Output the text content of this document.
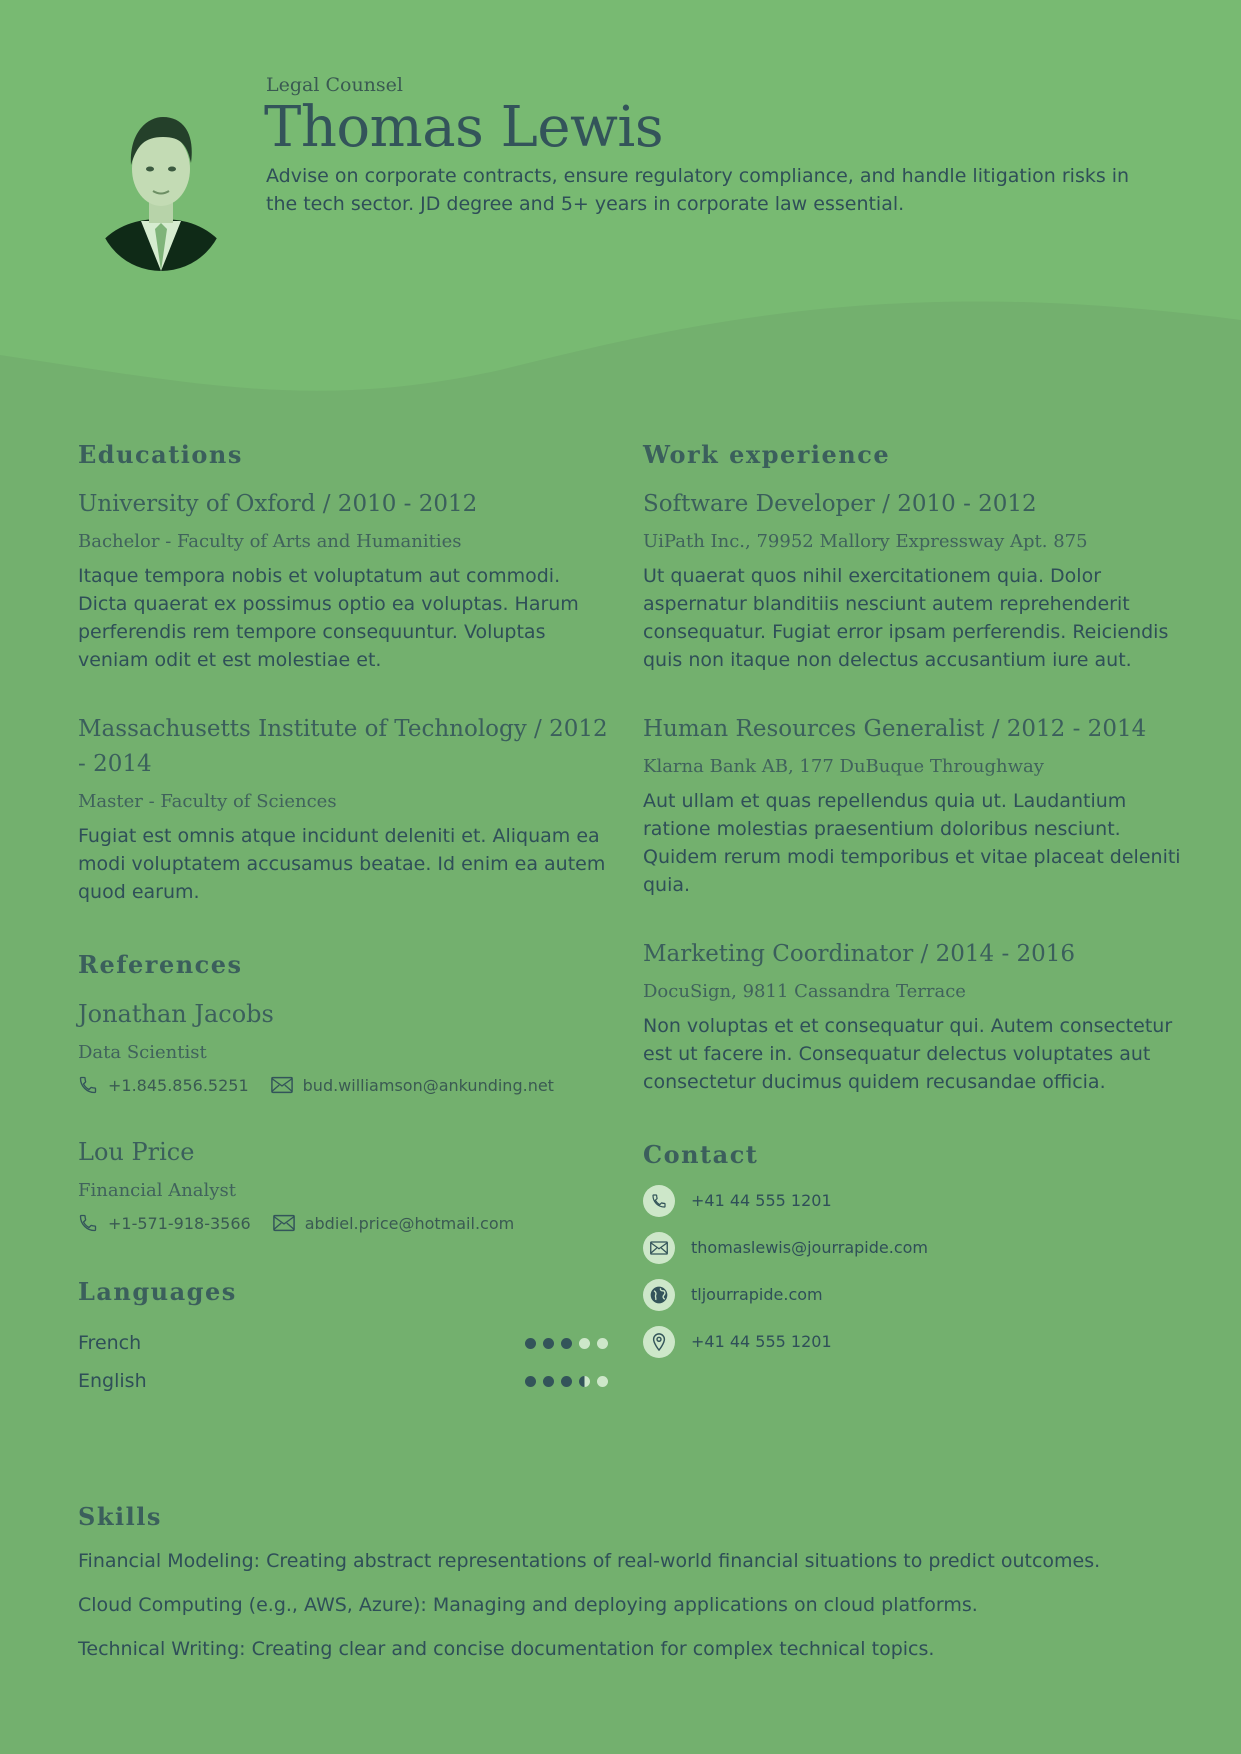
Legal Counsel
Thomas Lewis
Advise on corporate contracts, ensure regulatory compliance, and handle litigation risks in the tech sector. JD degree and 5+ years in corporate law essential.
Educations
University of Oxford / 2010 - 2012
Bachelor - Faculty of Arts and Humanities
Itaque tempora nobis et voluptatum aut commodi. Dicta quaerat ex possimus optio ea voluptas. Harum perferendis rem tempore consequuntur. Voluptas veniam odit et est molestiae et.
Massachusetts Institute of Technology / 2012 - 2014
Master - Faculty of Sciences
Fugiat est omnis atque incidunt deleniti et. Aliquam ea modi voluptatem accusamus beatae. Id enim ea autem quod earum.
References
Jonathan Jacobs
Data Scientist
+1.845.856.5251	bud.williamson@ankunding.net
Lou Price
Financial Analyst
+1-571-918-3566	abdiel.price@hotmail.com
Languages
French
English
Work experience
Software Developer / 2010 - 2012
UiPath Inc., 79952 Mallory Expressway Apt. 875
Ut quaerat quos nihil exercitationem quia. Dolor aspernatur blanditiis nesciunt autem reprehenderit consequatur. Fugiat error ipsam perferendis. Reiciendis quis non itaque non delectus accusantium iure aut.
Human Resources Generalist / 2012 - 2014
Klarna Bank AB, 177 DuBuque Throughway
Aut ullam et quas repellendus quia ut. Laudantium ratione molestias praesentium doloribus nesciunt. Quidem rerum modi temporibus et vitae placeat deleniti quia.
Marketing Coordinator / 2014 - 2016
DocuSign, 9811 Cassandra Terrace
Non voluptas et et consequatur qui. Autem consectetur est ut facere in. Consequatur delectus voluptates aut consectetur ducimus quidem recusandae officia.
Contact
+41 44 555 1201
thomaslewis@jourrapide.com
tljourrapide.com
+41 44 555 1201
Skills
Financial Modeling: Creating abstract representations of real-world financial situations to predict outcomes.
Cloud Computing (e.g., AWS, Azure): Managing and deploying applications on cloud platforms.
Technical Writing: Creating clear and concise documentation for complex technical topics.
